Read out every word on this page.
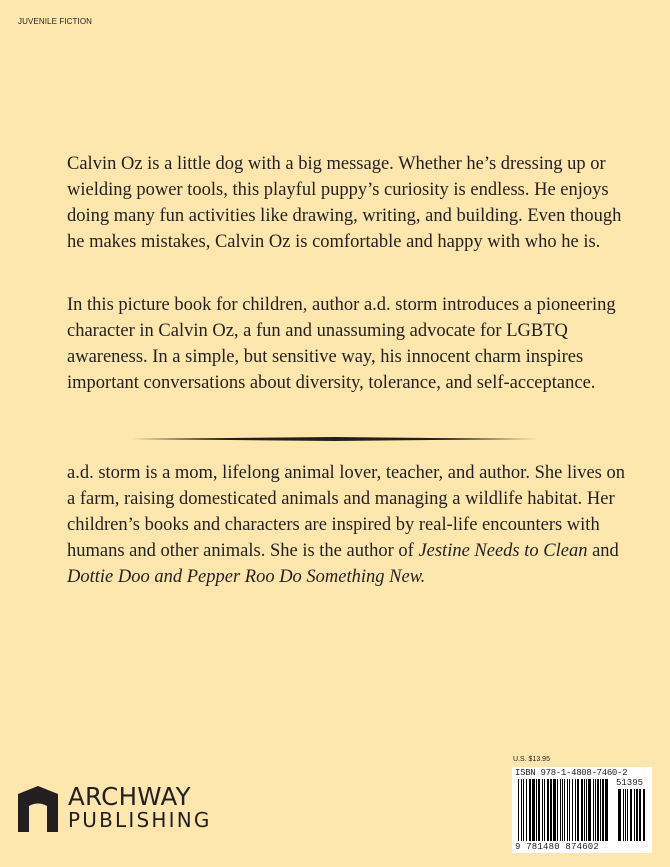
JUVENILE FICTION

Calvin Oz is a little dog with a big message. Whether he’s dressing up or wielding power tools, this playful puppy’s curiosity is endless. He enjoys doing many fun activities like drawing, writing, and building. Even though he makes mistakes, Calvin Oz is comfortable and happy with who he is.

In this picture book for children, author a.d. storm introduces a pioneering character in Calvin Oz, a fun and unassuming advocate for LGBTQ awareness. In a simple, but sensitive way, his innocent charm inspires important conversations about diversity, tolerance, and self-acceptance.

a.d. storm is a mom, lifelong animal lover, teacher, and author. She lives on a farm, raising domesticated animals and managing a wildlife habitat. Her children’s books and characters are inspired by real-life encounters with humans and other animals. She is the author of Jestine Needs to Clean and Dottie Doo and Pepper Roo Do Something New.

U.S. $13.95
ISBN 978-1-4808-7460-2
51395
9 781480 874602
ARCHWAY
PUBLISHING
